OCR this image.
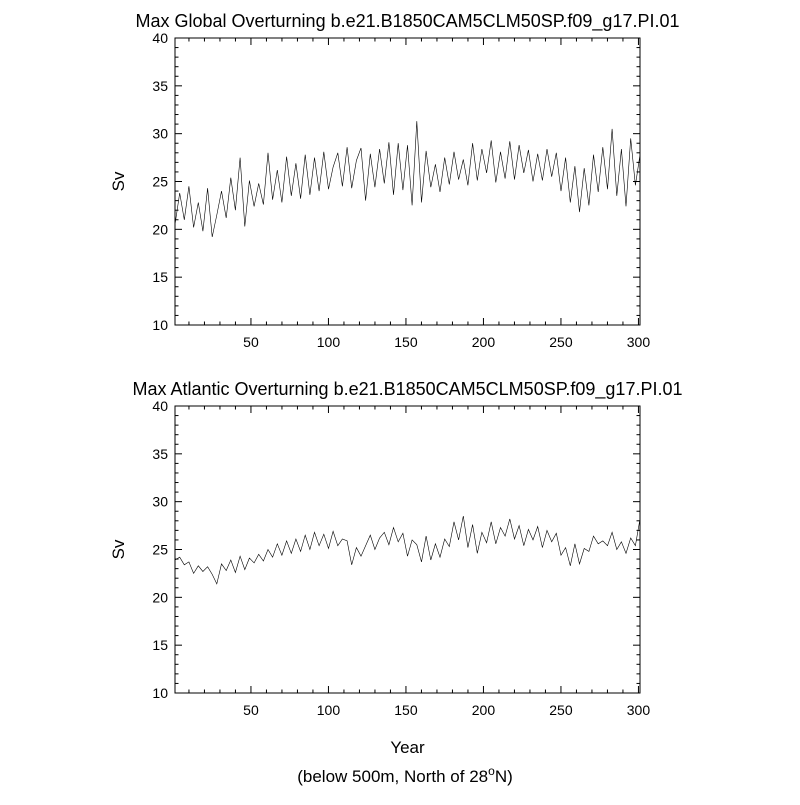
Max Global Overturning b.e21.B1850CAM5CLM50SP.f09_g17.PI.01
10
15
20
25
30
35
40
50	100	150	200	250	300
Sv
Max Atlantic Overturning b.e21.B1850CAM5CLM50SP.f09_g17.PI.01
10
15
20
25
30
35
40
50	100	150	200	250	300
Sv
Year
(below 500m, North of 28$^o$N)
